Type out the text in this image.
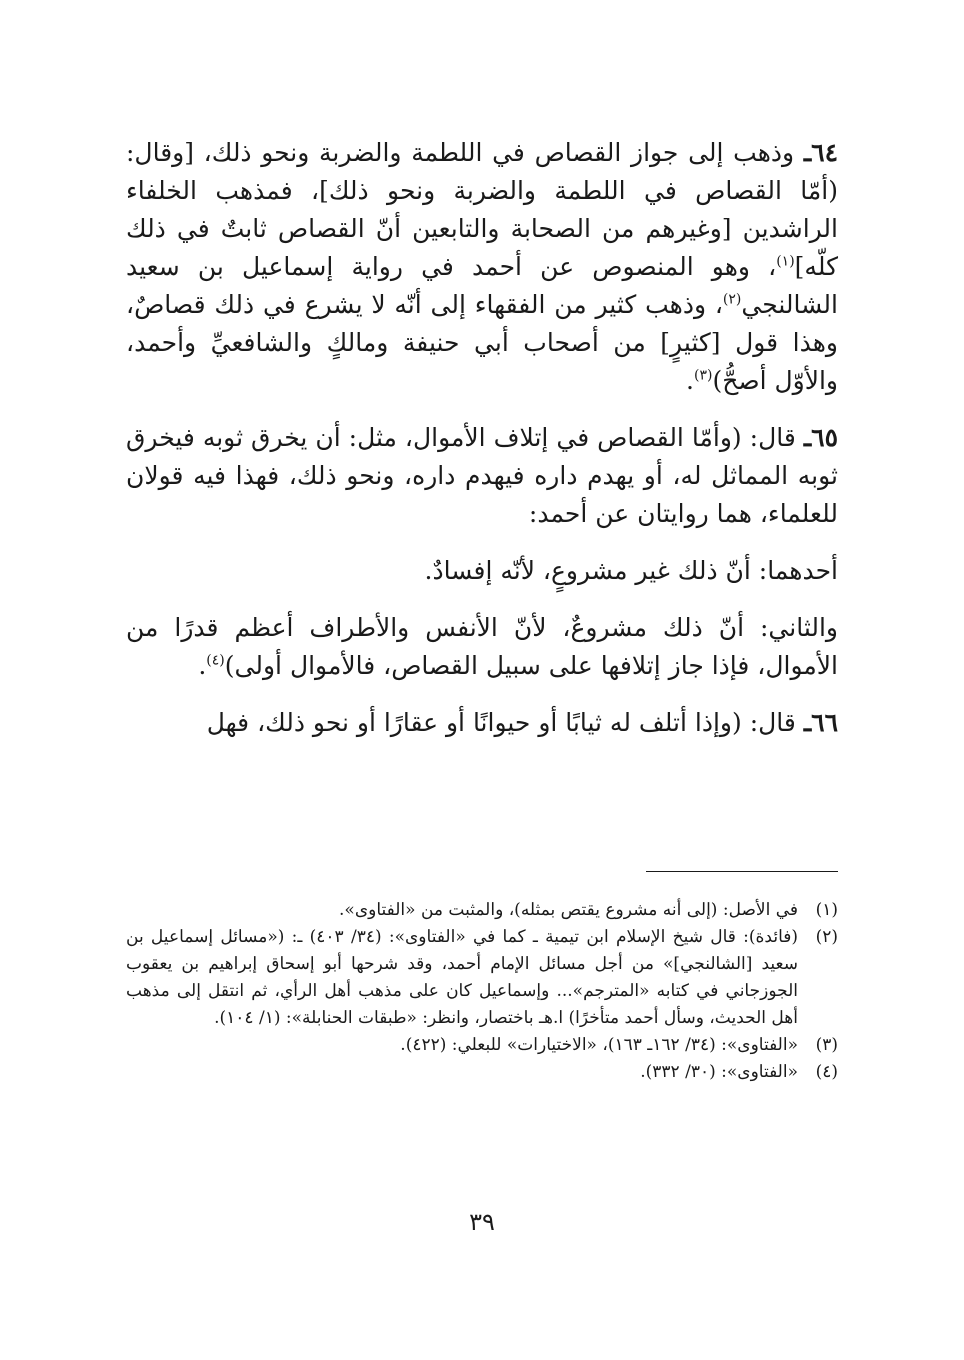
٦٤ـ وذهب إلى جواز القصاص في اللطمة والضربة ونحو ذلك، [وقال: (أمّا القصاص في اللطمة والضربة ونحو ذلك]، فمذهب الخلفاء الراشدين [وغيرهم من الصحابة والتابعين أنّ القصاص ثابتٌ في ذلك كلّه]$^{(١)}$، وهو المنصوص عن أحمد في رواية إسماعيل بن سعيد الشالنجي$^{(٢)}$، وذهب كثير من الفقهاء إلى أنّه لا يشرع في ذلك قصاصٌ، وهذا قول [كثيرٍ] من أصحاب أبي حنيفة ومالكٍ والشافعيِّ وأحمد، والأوّل أصحُّ)$^{(٣)}$.

٦٥ـ قال: (وأمّا القصاص في إتلاف الأموال، مثل: أن يخرق ثوبه فيخرق ثوبه المماثل له، أو يهدم داره فيهدم داره، ونحو ذلك، فهذا فيه قولان للعلماء، هما روايتان عن أحمد:

أحدهما: أنّ ذلك غير مشروعٍ، لأنّه إفسادٌ.

والثاني: أنّ ذلك مشروعٌ، لأنّ الأنفس والأطراف أعظم قدرًا من الأموال، فإذا جاز إتلافها على سبيل القصاص، فالأموال أولى)$^{(٤)}$.

٦٦ـ قال: (وإذا أتلف له ثيابًا أو حيوانًا أو عقارًا أو نحو ذلك، فهل

(١)
في الأصل: (إلى أنه مشروع يقتص بمثله)، والمثبت من «الفتاوى».
(٢)
(فائدة): قال شيخ الإسلام ابن تيمية ـ كما في «الفتاوى»: (٣٤/ ٤٠٣) ـ: («مسائل إسماعيل بن سعيد [الشالنجي]» من أجل مسائل الإمام أحمد، وقد شرحها أبو إسحاق إبراهيم بن يعقوب الجوزجاني في كتابه «المترجم»... وإسماعيل كان على مذهب أهل الرأي، ثم انتقل إلى مذهب أهل الحديث، وسأل أحمد متأخرًا) ا.هـ باختصار، وانظر: «طبقات الحنابلة»: (١/ ١٠٤).
(٣)
«الفتاوى»: (٣٤/ ١٦٢ـ ١٦٣)، «الاختيارات» للبعلي: (٤٢٢).
(٤)
«الفتاوى»: (٣٠/ ٣٣٢).
٣٩
